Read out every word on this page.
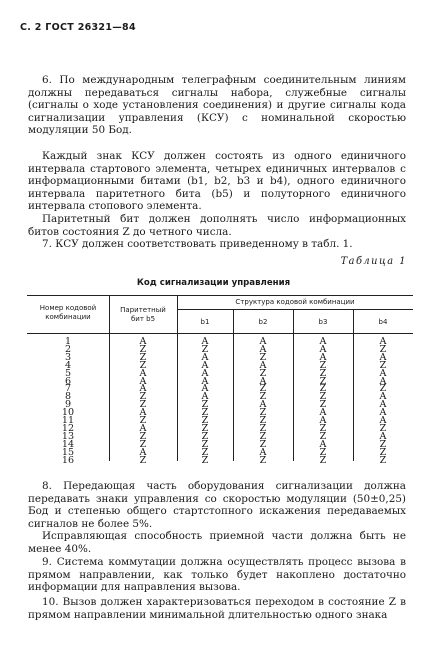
С. 2 ГОСТ 26321—84

6. По международным телеграфным соединительным линиям должны передаваться сигналы набора, служебные сигналы (сигналы о ходе установления соединения) и другие сигналы кода сигнализации управления (КСУ) с номинальной скоростью модуляции 50 Бод.

Каждый знак КСУ должен состоять из одного единичного интервала стартового элемента, четырех единичных интервалов с информационными битами (b1, b2, b3 и b4), одного единичного интервала паритетного бита (b5) и полуторного единичного интервала стопового элемента.

Паритетный бит должен дополнять число информационных битов состояния Z до четного числа.

7. КСУ должен соответствовать приведенному в табл. 1.

Таблица 1
Код сигнализации управления
Номер кодовой комбинации
Паритетный бит b5
Структура кодовой комбинации
b1	b2	b3	b4
1	A	A	A	A	A
2	Z	Z	A	A	Z
3	Z	A	Z	A	A
4	Z	A	A	Z	Z
5	A	A	Z	Z	A
6	A	A	A	Z	A
7	A	A	Z	Z	Z
8	Z	A	Z	Z	A
9	Z	Z	A	Z	A
10	A	Z	Z	A	A
11	Z	Z	Z	A	A
12	A	Z	Z	Z	Z
13	Z	Z	Z	Z	A
14	Z	Z	Z	A	Z
15	A	Z	A	Z	Z
16	Z	Z	Z	Z	Z

8. Передающая часть оборудования сигнализации должна передавать знаки управления со скоростью модуляции (50±0,25) Бод и степенью общего стартстопного искажения передаваемых сигналов не более 5%.

Исправляющая способность приемной части должна быть не менее 40%.

9. Система коммутации должна осуществлять процесс вызова в прямом направлении, как только будет накоплено достаточно информации для направления вызова.

10. Вызов должен характеризоваться переходом в состояние Z в прямом направлении минимальной длительностью одного знака
